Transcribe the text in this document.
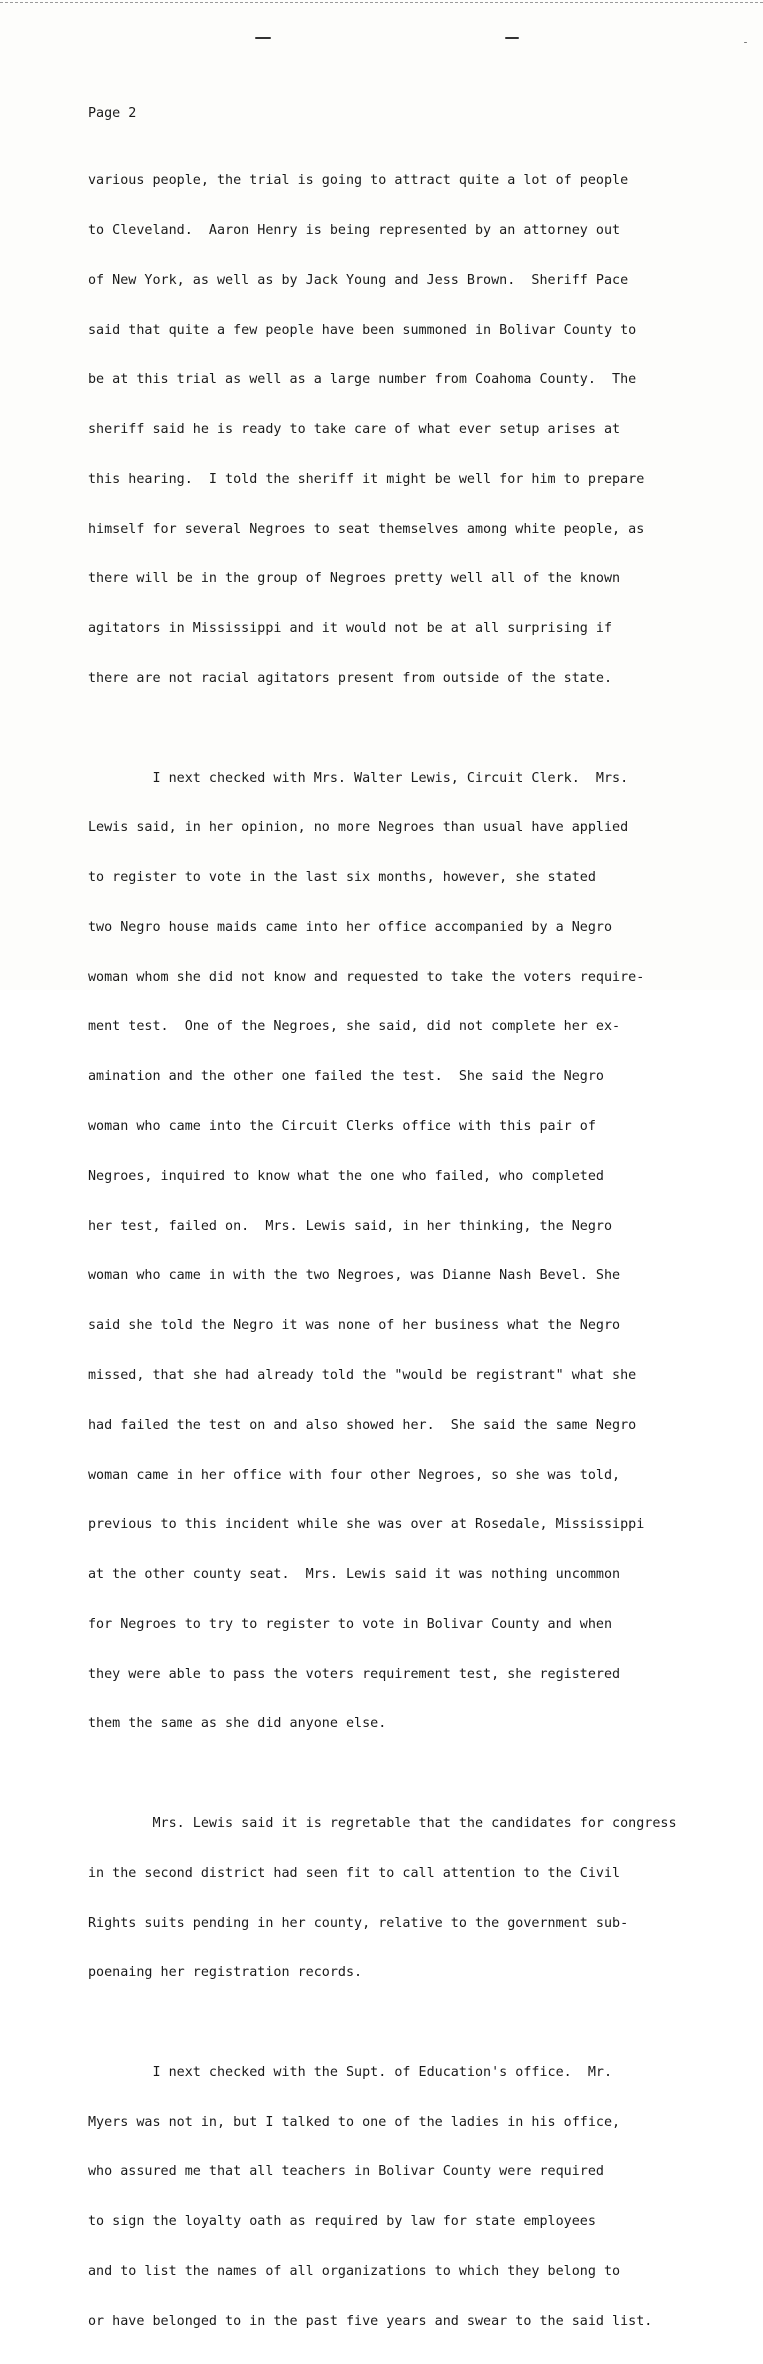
Page 2

various people, the trial is going to attract quite a lot of people

to Cleveland.  Aaron Henry is being represented by an attorney out

of New York, as well as by Jack Young and Jess Brown.  Sheriff Pace

said that quite a few people have been summoned in Bolivar County to

be at this trial as well as a large number from Coahoma County.  The

sheriff said he is ready to take care of what ever setup arises at

this hearing.  I told the sheriff it might be well for him to prepare

himself for several Negroes to seat themselves among white people, as

there will be in the group of Negroes pretty well all of the known

agitators in Mississippi and it would not be at all surprising if

there are not racial agitators present from outside of the state.

I next checked with Mrs. Walter Lewis, Circuit Clerk.  Mrs.

Lewis said, in her opinion, no more Negroes than usual have applied

to register to vote in the last six months, however, she stated

two Negro house maids came into her office accompanied by a Negro

woman whom she did not know and requested to take the voters require-

ment test.  One of the Negroes, she said, did not complete her ex-

amination and the other one failed the test.  She said the Negro

woman who came into the Circuit Clerks office with this pair of

Negroes, inquired to know what the one who failed, who completed

her test, failed on.  Mrs. Lewis said, in her thinking, the Negro

woman who came in with the two Negroes, was Dianne Nash Bevel. She

said she told the Negro it was none of her business what the Negro

missed, that she had already told the "would be registrant" what she

had failed the test on and also showed her.  She said the same Negro

woman came in her office with four other Negroes, so she was told,

previous to this incident while she was over at Rosedale, Mississippi

at the other county seat.  Mrs. Lewis said it was nothing uncommon

for Negroes to try to register to vote in Bolivar County and when

they were able to pass the voters requirement test, she registered

them the same as she did anyone else.

Mrs. Lewis said it is regretable that the candidates for congress

in the second district had seen fit to call attention to the Civil

Rights suits pending in her county, relative to the government sub-

poenaing her registration records.

I next checked with the Supt. of Education's office.  Mr.

Myers was not in, but I talked to one of the ladies in his office,

who assured me that all teachers in Bolivar County were required

to sign the loyalty oath as required by law for state employees

and to list the names of all organizations to which they belong to

or have belonged to in the past five years and swear to the said list.
